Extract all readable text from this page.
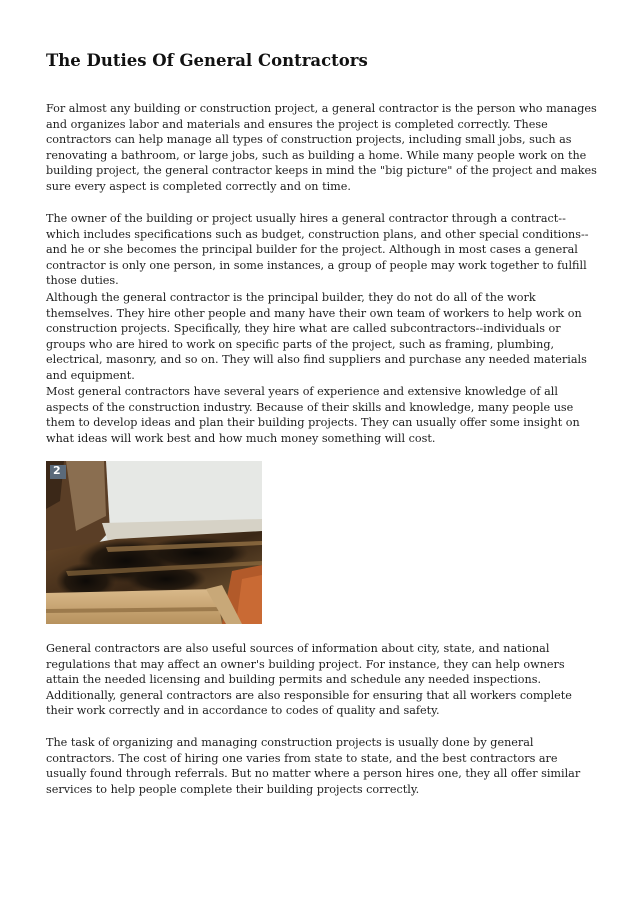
The Duties Of General Contractors

For almost any building or construction project, a general contractor is the person who manages and organizes labor and materials and ensures the project is completed correctly. These contractors can help manage all types of construction projects, including small jobs, such as renovating a bathroom, or large jobs, such as building a home. While many people work on the building project, the general contractor keeps in mind the "big picture" of the project and makes sure every aspect is completed correctly and on time.

The owner of the building or project usually hires a general contractor through a contract--which includes specifications such as budget, construction plans, and other special conditions--and he or she becomes the principal builder for the project. Although in most cases a general contractor is only one person, in some instances, a group of people may work together to fulfill those duties.

Although the general contractor is the principal builder, they do not do all of the work themselves. They hire other people and many have their own team of workers to help work on construction projects. Specifically, they hire what are called subcontractors--individuals or groups who are hired to work on specific parts of the project, such as framing, plumbing, electrical, masonry, and so on. They will also find suppliers and purchase any needed materials and equipment.

Most general contractors have several years of experience and extensive knowledge of all aspects of the construction industry. Because of their skills and knowledge, many people use them to develop ideas and plan their building projects. They can usually offer some insight on what ideas will work best and how much money something will cost.

2

General contractors are also useful sources of information about city, state, and national regulations that may affect an owner's building project. For instance, they can help owners attain the needed licensing and building permits and schedule any needed inspections. Additionally, general contractors are also responsible for ensuring that all workers complete their work correctly and in accordance to codes of quality and safety.

The task of organizing and managing construction projects is usually done by general contractors. The cost of hiring one varies from state to state, and the best contractors are usually found through referrals. But no matter where a person hires one, they all offer similar services to help people complete their building projects correctly.
